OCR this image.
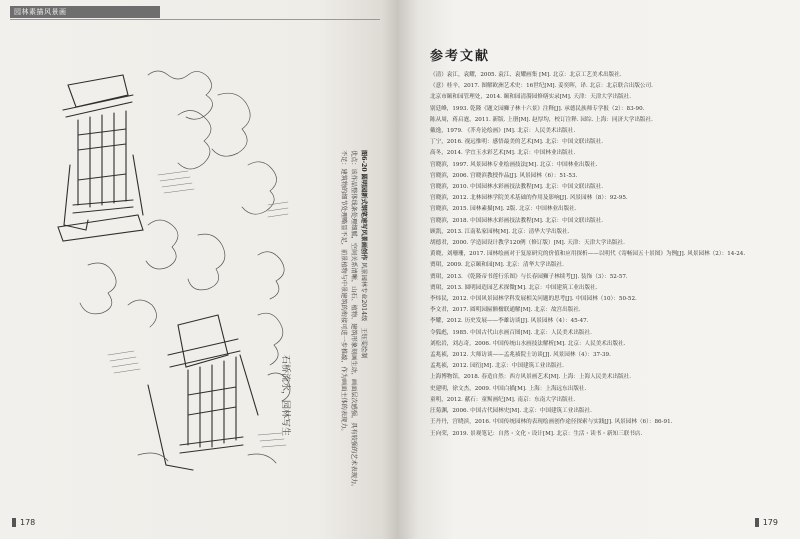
园林素描风景画
石桥流水，园林写生
图6-20 圆明园新式钢笔速写风景画创作 风景园林专业2014级　王钰雯绘制
优点：该作品整体线条处理细腻，空间关系清晰，山石、植物、建筑形象刻画生动，画面层次感强，具有较强的艺术表现力。
不足：建筑物的细节处理略显不足，前景植物与中景建筑的衔接可进一步推敲，作为画面主体的表现力。
178
参考文献
（清）袁江，袁耀，2005. 袁江、袁耀画集 [M]. 北京：北京工艺美术出版社.
（意）桂辛，2017. 图解欧洲艺术史：16世纪[M]. 姜奕晖，译. 北京：北京联合出版公司.
北京市颐和园管理处，2014. 颐和园清漪园修缮实录[M]. 天津：天津大学出版社.
别廷峰，1993. 乾隆《题文园狮子林十六景》注释[J]. 承德民族师专学报（2）：83-90.
陈从周，蒋启霆，2011. 新版. 上册[M]. 赵厚均，校订注释. 园综. 上海：同济大学出版社.
戴逸，1979. 《芥舟论绘画》[M]. 北京：人民美术出版社.
丁宁，2016. 视远惟明：感悟最美的艺术[M]. 北京：中国文联出版社.
高冬，2014. 学宜玉水彩艺术[M]. 北京：中国林业出版社.
宫晓滨，1997. 风景园林专业绘画技法[M]. 北京：中国林业出版社.
宫晓滨，2006. 宫晓滨教授作品[J]. 风景园林（6）：51-53.
宫晓滨，2010. 中国园林水彩画技法教程[M]. 北京：中国文联出版社.
宫晓滨，2012. 北林园林学院美术基础的作用及影响[J]. 风景园林（8）：92-95.
宫晓滨，2015. 园林素描[M]. 2版. 北京：中国林业出版社.
宫晓滨，2018. 中国园林水彩画技法教程[M]. 北京：中国文联出版社.
顾凯，2013. 江南私家园林[M]. 北京：清华大学出版社.
胡德君，2000. 学造园设计教学120例（修订版）[M]. 天津：天津大学出版社.
黄晓，刘珊珊，2017. 园林绘画对于复原研究的价值和应用探析——以明代《寄畅园五十景图》为例[J]. 风景园林（2）：14-24.
贾珺，2009. 北京颐和园[M]. 北京：清华大学出版社.
贾珺，2013. 《乾隆帝书莲行乐图》与长春园狮子林续考[J]. 装饰（3）：52-57.
贾珺，2013. 圆明园造园艺术探微[M]. 北京：中国建筑工业出版社.
李炜民，2012. 中国风景园林学科发展相关问题的思考[J]. 中国园林（10）：50-52.
李文君，2017. 圆明园匾额楹联通解[M]. 北京：故宫出版社.
李耀，2012. 历史发展——李雄访谈[J]. 风景园林（4）：45-47.
令狐彪，1985. 中国古代山水画百图[M]. 北京：人民美术出版社.
刘松岩，刘志奇，2006. 中国传统山水画技法解析[M]. 北京：人民美术出版社.
孟兆祯，2012. 大师访谈——孟兆祯院士访谈[J]. 风景园林（4）：37-39.
孟兆祯，2012. 园衍[M]. 北京：中国建筑工业出版社.
上海博物馆，2018. 春造自然：西方风景画艺术[M]. 上海：上海人民美术出版社.
史建明，徐文杰，2009. 中国白描[M]. 上海：上海远东出版社.
童明，2012. 献石：童寯画纪[M]. 南京：东南大学出版社.
汪菊渊，2006. 中国古代园林史[M]. 北京：中国建筑工业出版社.
王丹丹，宫晓滨，2016. 中国传统园林的表现绘画创作途径探索与实践[J]. 风景园林（6）：86-91.
王向荣，2019. 景观笔记：自然・文化・设计[M]. 北京：生活・读书・新知三联书店.
179
